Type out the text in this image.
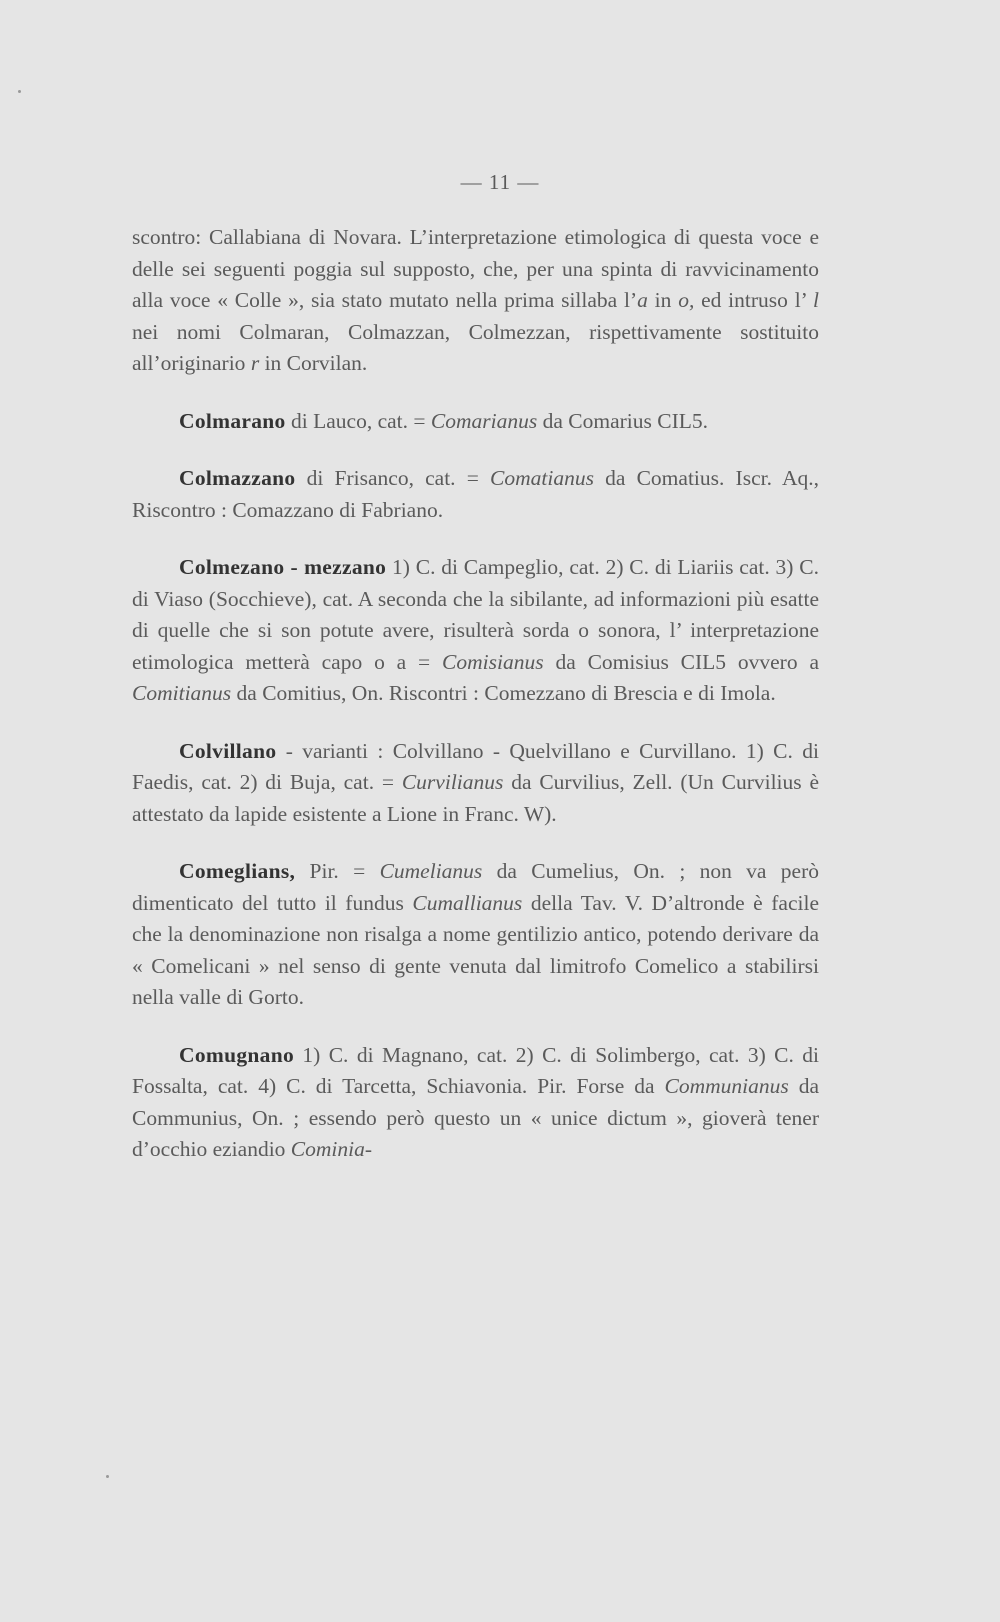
— 11 —

scontro: Callabiana di Novara. L’interpretazione etimologica di questa voce e delle sei seguenti poggia sul supposto, che, per una spinta di ravvicinamento alla voce « Colle », sia stato mutato nella prima sillaba l’a in o, ed intruso l’ l nei nomi Colmaran, Colmazzan, Colmezzan, rispettivamente sostituito all’originario r in Corvilan.

Colmarano di Lauco, cat. = Comarianus da Comarius CIL5.

Colmazzano di Frisanco, cat. = Comatianus da Comatius. Iscr. Aq., Riscontro : Comazzano di Fabriano.

Colmezano - mezzano 1) C. di Campeglio, cat. 2) C. di Liariis cat. 3) C. di Viaso (Socchieve), cat. A seconda che la sibilante, ad informazioni più esatte di quelle che si son potute avere, risulterà sorda o sonora, l’ interpretazione etimologica metterà capo o a = Comisianus da Comisius CIL5 ovvero a Comitianus da Comitius, On. Riscontri : Comezzano di Brescia e di Imola.

Colvillano - varianti : Colvillano - Quelvillano e Curvillano. 1) C. di Faedis, cat. 2) di Buja, cat. = Curvilianus da Curvilius, Zell. (Un Curvilius è attestato da lapide esistente a Lione in Franc. W).

Comeglians, Pir. = Cumelianus da Cumelius, On. ; non va però dimenticato del tutto il fundus Cumallianus della Tav. V. D’altronde è facile che la denominazione non risalga a nome gentilizio antico, potendo derivare da « Comelicani » nel senso di gente venuta dal limitrofo Comelico a stabilirsi nella valle di Gorto.

Comugnano 1) C. di Magnano, cat. 2) C. di Solimbergo, cat. 3) C. di Fossalta, cat. 4) C. di Tarcetta, Schiavonia. Pir. Forse da Communianus da Communius, On. ; essendo però questo un « unice dictum », gioverà tener d’occhio eziandio Cominia-
